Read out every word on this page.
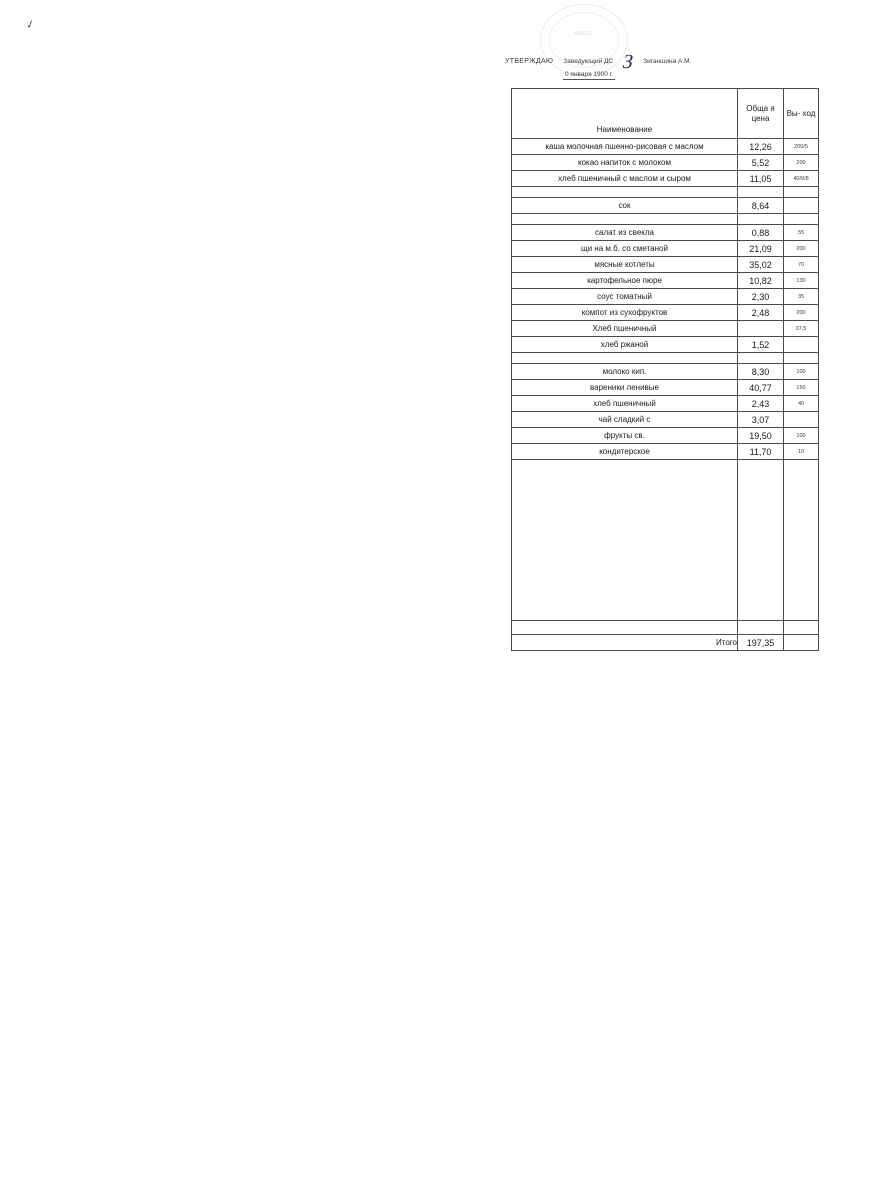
✓
МБДОУ
УТВЕРЖДАЮ Заведующий ДС З Зиганшина А.М.
0 января 1900 г.
Наименование	Обща я цена	Вы- ход
каша молочная пшенно-рисовая с маслом	12,26	200/5
кокао напиток с молоком	5,52	200
хлеб пшеничный с маслом и сыром	11,05	40/9/8

сок	8,64	

салат из свекла	0,88	55
щи на м.б. со сметаной	21,09	200
мясные котлеты	35,02	70
картофельное пюре	10,82	130
соус томатный	2,30	35
компот из сухофруктов	2,48	200
Хлеб пшеничный		37,5
хлеб ржаной	1,52	

молоко кип.	8,30	100
вареники ленивые	40,77	150
хлеб пшеничный	2,43	40
чай сладкий с	3,07	
фрукты св.	19,50	100
кондитерское	11,70	10

Итого	197,35	
